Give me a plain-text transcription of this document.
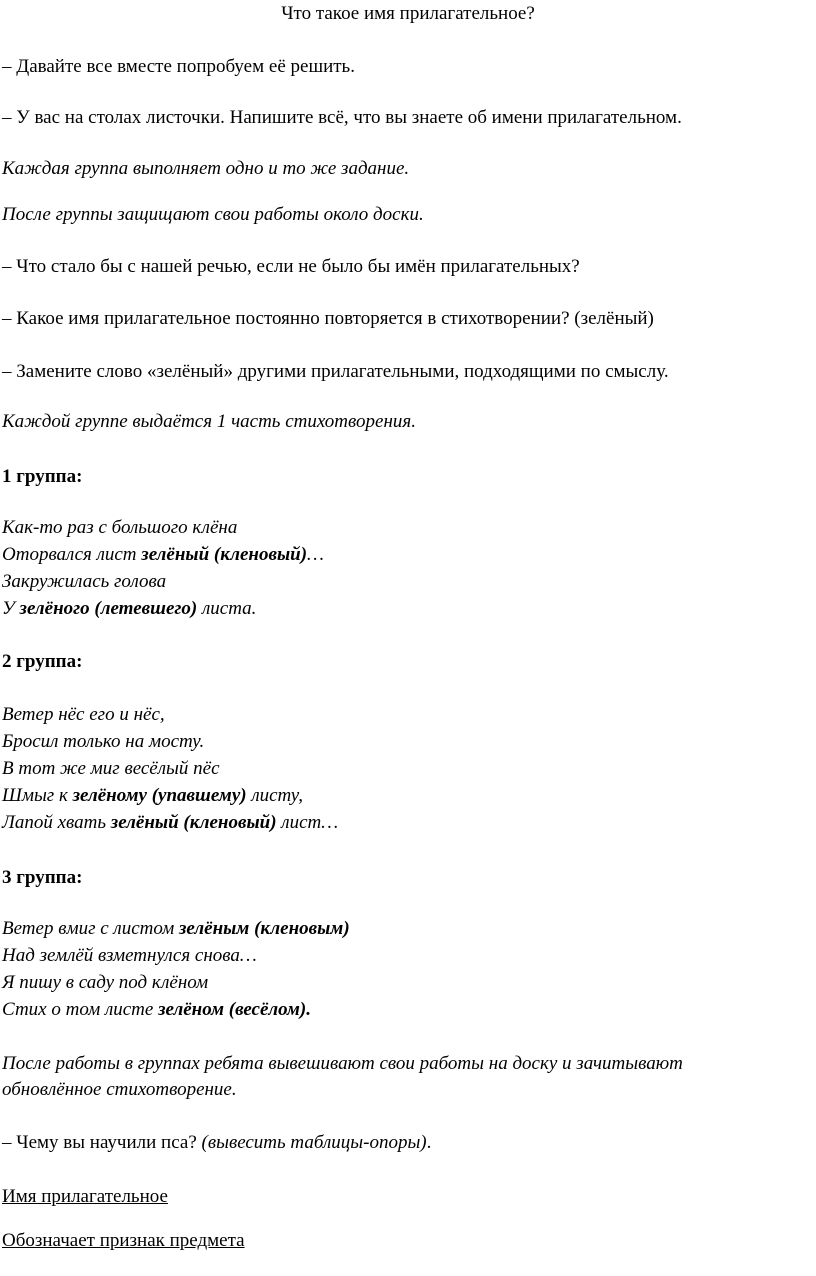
Что такое имя прилагательное?
– Давайте все вместе попробуем её решить.
– У вас на столах листочки. Напишите всё, что вы знаете об имени прилагательном.
Каждая группа выполняет одно и то же задание.
После группы защищают свои работы около доски.
– Что стало бы с нашей речью, если не было бы имён прилагательных?
– Какое имя прилагательное постоянно повторяется в стихотворении? (зелёный)
– Замените слово «зелёный» другими прилагательными, подходящими по смыслу.
Каждой группе выдаётся 1 часть стихотворения.
1 группа:
Как-то раз с большого клёна
Оторвался лист зелёный (кленовый)…
Закружилась голова
У зелёного (летевшего) листа.
2 группа:
Ветер нёс его и нёс,
Бросил только на мосту.
В тот же миг весёлый пёс
Шмыг к зелёному (упавшему) листу,
Лапой хвать зелёный (кленовый) лист…
3 группа:
Ветер вмиг с листом зелёным (кленовым)
Над землёй взметнулся снова…
Я пишу в саду под клёном
Стих о том листе зелёном (весёлом).
После работы в группах ребята вывешивают свои работы на доску и зачитывают
обновлённое стихотворение.
– Чему вы научили пса? (вывесить таблицы-опоры).
Имя прилагательное
Обозначает признак предмета
